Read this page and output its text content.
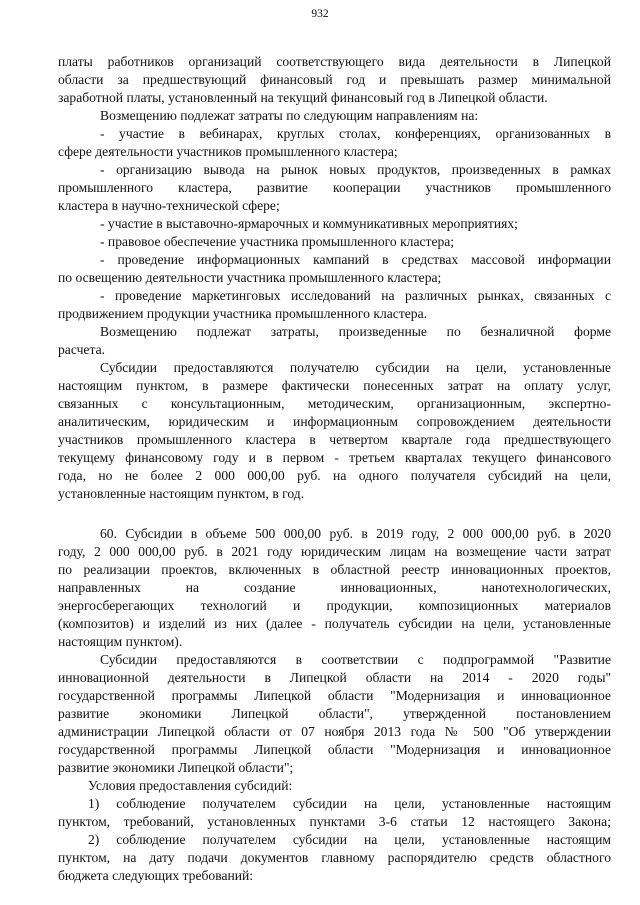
932
платы работников организаций соответствующего вида деятельности в Липецкой
области за предшествующий финансовый год и превышать размер минимальной
заработной платы, установленный на текущий финансовый год в Липецкой области.
Возмещению подлежат затраты по следующим направлениям на:
- участие в вебинарах, круглых столах, конференциях, организованных в
сфере деятельности участников промышленного кластера;
- организацию вывода на рынок новых продуктов, произведенных в рамках
промышленного кластера, развитие кооперации участников промышленного
кластера в научно-технической сфере;
- участие в выставочно-ярмарочных и коммуникативных мероприятиях;
- правовое обеспечение участника промышленного кластера;
- проведение информационных кампаний в средствах массовой информации
по освещению деятельности участника промышленного кластера;
- проведение маркетинговых исследований на различных рынках, связанных с
продвижением продукции участника промышленного кластера.
Возмещению подлежат затраты, произведенные по безналичной форме
расчета.
Субсидии предоставляются получателю субсидии на цели, установленные
настоящим пунктом, в размере фактически понесенных затрат на оплату услуг,
связанных с консультационным, методическим, организационным, экспертно-
аналитическим, юридическим и информационным сопровождением деятельности
участников промышленного кластера в четвертом квартале года предшествующего
текущему финансовому году и в первом - третьем кварталах текущего финансового
года, но не более 2 000 000,00 руб. на одного получателя субсидий на цели,
установленные настоящим пунктом, в год.
60. Субсидии в объеме 500 000,00 руб. в 2019 году, 2 000 000,00 руб. в 2020
году, 2 000 000,00 руб. в 2021 году юридическим лицам на возмещение части затрат
по реализации проектов, включенных в областной реестр инновационных проектов,
направленных на создание инновационных, нанотехнологических,
энергосберегающих технологий и продукции, композиционных материалов
(композитов) и изделий из них (далее - получатель субсидии на цели, установленные
настоящим пунктом).
Субсидии предоставляются в соответствии с подпрограммой "Развитие
инновационной деятельности в Липецкой области на 2014 - 2020 годы"
государственной программы Липецкой области "Модернизация и инновационное
развитие экономики Липецкой области", утвержденной постановлением
администрации Липецкой области от 07 ноября 2013 года № 500 "Об утверждении
государственной программы Липецкой области "Модернизация и инновационное
развитие экономики Липецкой области";
Условия предоставления субсидий:
1) соблюдение получателем субсидии на цели, установленные настоящим
пунктом, требований, установленных пунктами 3-6 статьи 12 настоящего Закона;
2) соблюдение получателем субсидии на цели, установленные настоящим
пунктом, на дату подачи документов главному распорядителю средств областного
бюджета следующих требований:
